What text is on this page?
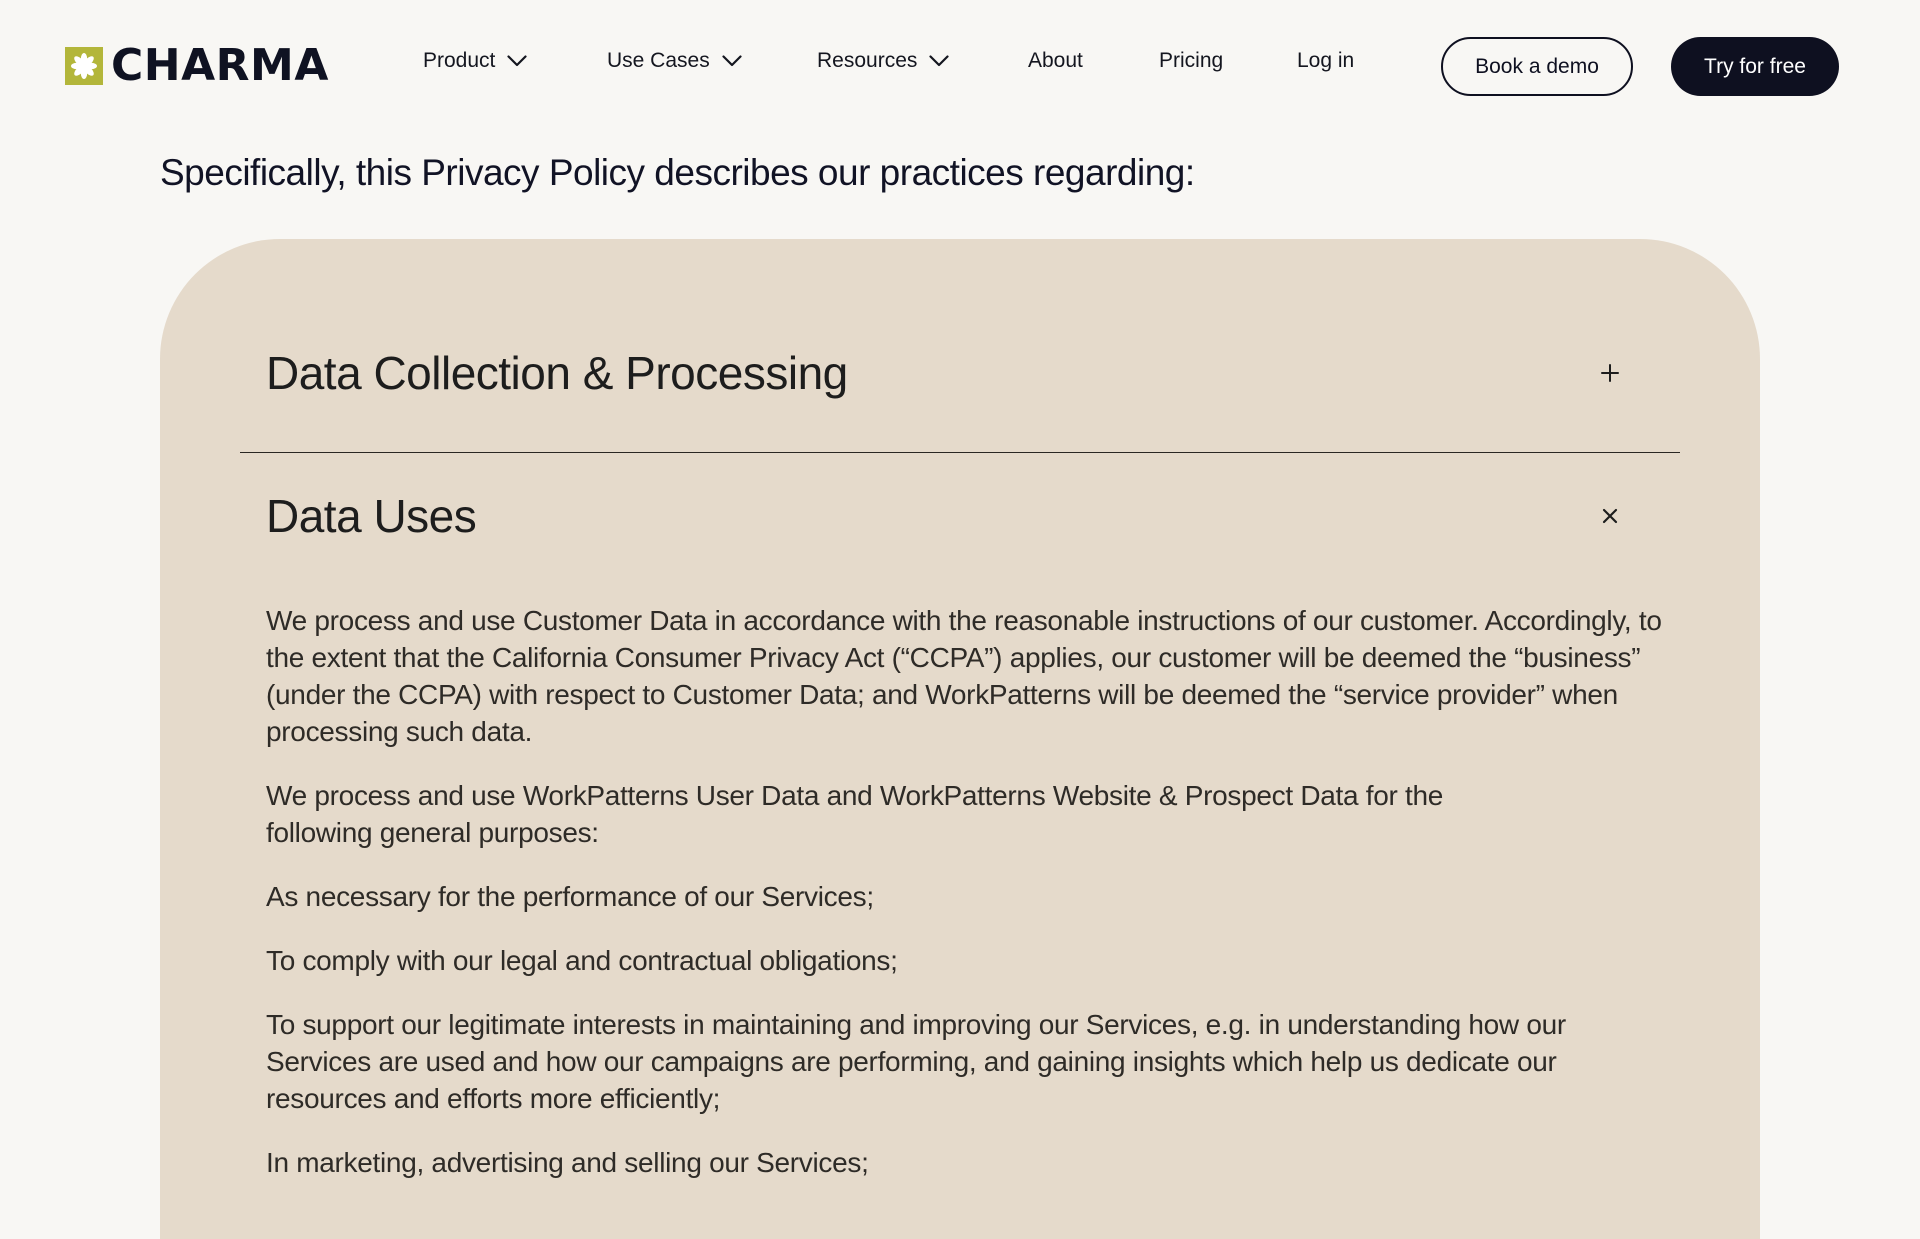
CHARMA	Product	Use Cases	Resources	About	Pricing	Log in	Book a demo	Try for free
Specifically, this Privacy Policy describes our practices regarding:
Data Collection & Processing
Data Uses

We process and use Customer Data in accordance with the reasonable instructions of our customer. Accordingly, to the extent that the California Consumer Privacy Act (“CCPA”) applies, our customer will be deemed the “business” (under the CCPA) with respect to Customer Data; and WorkPatterns will be deemed the “service provider” when processing such data.

We process and use WorkPatterns User Data and WorkPatterns Website & Prospect Data for the following general purposes:

As necessary for the performance of our Services;

To comply with our legal and contractual obligations;

To support our legitimate interests in maintaining and improving our Services, e.g. in understanding how our Services are used and how our campaigns are performing, and gaining insights which help us dedicate our resources and efforts more efficiently;

In marketing, advertising and selling our Services;
